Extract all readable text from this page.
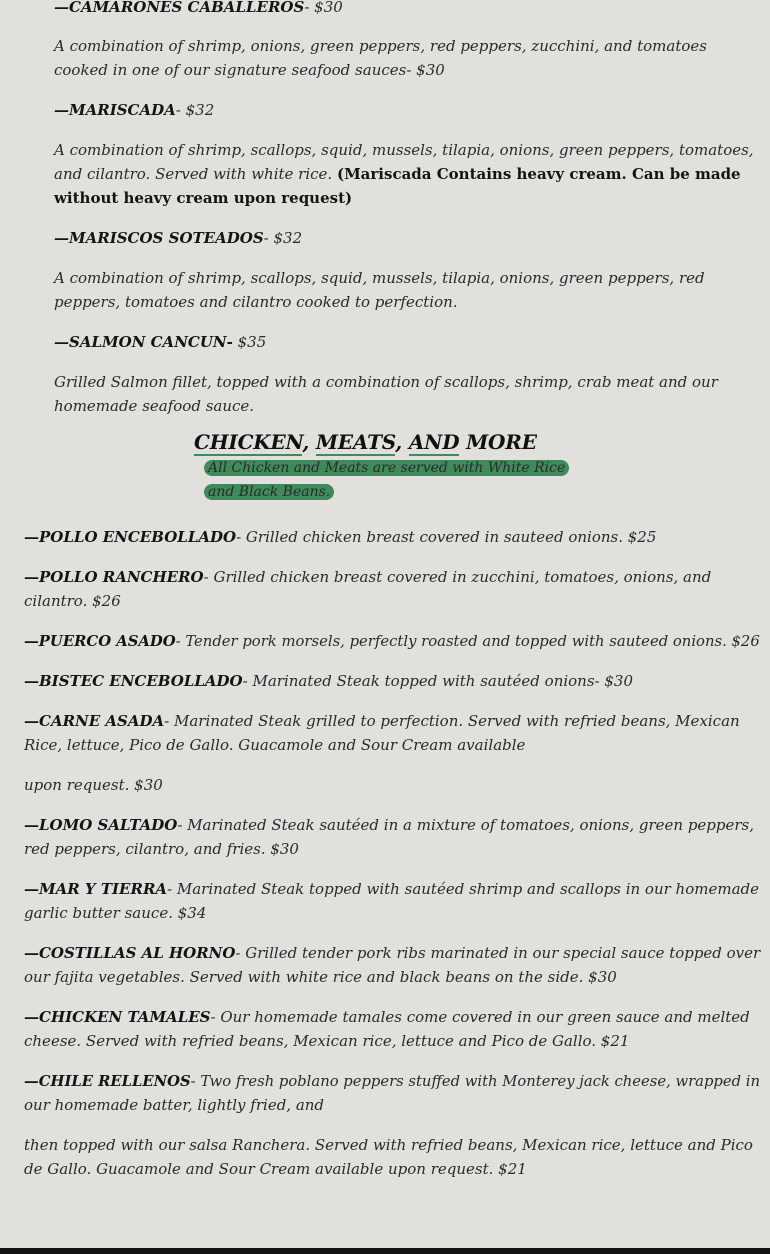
—CAMARONES CABALLEROS- $30

A combination of shrimp, onions, green peppers, red peppers, zucchini, and tomatoes

cooked in one of our signature seafood sauces- $30

—MARISCADA- $32

A combination of shrimp, scallops, squid, mussels, tilapia, onions, green peppers, tomatoes,

and cilantro. Served with white rice. (Mariscada Contains heavy cream. Can be made

without heavy cream upon request)

—MARISCOS SOTEADOS- $32

A combination of shrimp, scallops, squid, mussels, tilapia, onions, green peppers, red

peppers, tomatoes and cilantro cooked to perfection.

—SALMON CANCUN- $35

Grilled Salmon fillet, topped with a combination of scallops, shrimp, crab meat and our

homemade seafood sauce.

CHICKEN, MEATS, AND MORE
All Chicken and Meats are served with White Rice
and Black Beans.

—POLLO ENCEBOLLADO- Grilled chicken breast covered in sauteed onions. $25

—POLLO RANCHERO- Grilled chicken breast covered in zucchini, tomatoes, onions, and

cilantro. $26

—PUERCO ASADO- Tender pork morsels, perfectly roasted and topped with sauteed onions. $26

—BISTEC ENCEBOLLADO- Marinated Steak topped with sautéed onions- $30

—CARNE ASADA- Marinated Steak grilled to perfection. Served with refried beans, Mexican

Rice, lettuce, Pico de Gallo. Guacamole and Sour Cream available

upon request. $30

—LOMO SALTADO- Marinated Steak sautéed in a mixture of tomatoes, onions, green peppers,

red peppers, cilantro, and fries. $30

—MAR Y TIERRA- Marinated Steak topped with sautéed shrimp and scallops in our homemade

garlic butter sauce. $34

—COSTILLAS AL HORNO- Grilled tender pork ribs marinated in our special sauce topped over

our fajita vegetables. Served with white rice and black beans on the side. $30

—CHICKEN TAMALES- Our homemade tamales come covered in our green sauce and melted

cheese. Served with refried beans, Mexican rice, lettuce and Pico de Gallo. $21

—CHILE RELLENOS- Two fresh poblano peppers stuffed with Monterey jack cheese, wrapped in

our homemade batter, lightly fried, and

then topped with our salsa Ranchera. Served with refried beans, Mexican rice, lettuce and Pico

de Gallo. Guacamole and Sour Cream available upon request. $21
